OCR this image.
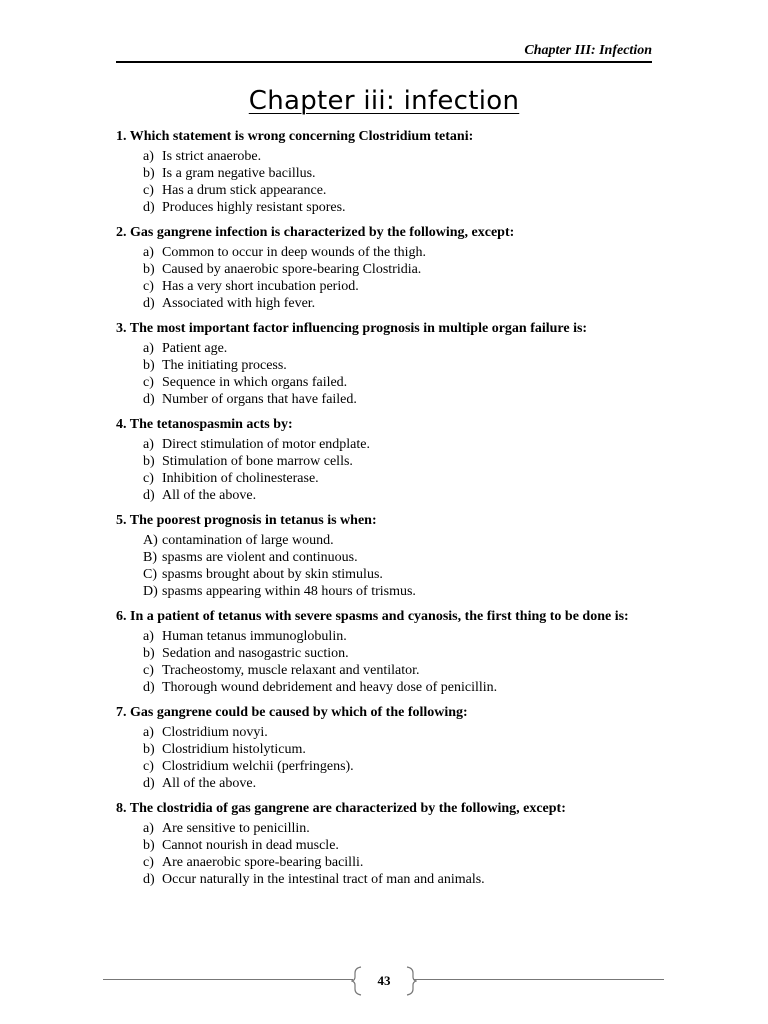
Chapter III: Infection
Chapter iii: infection
1. Which statement is wrong concerning Clostridium tetani:
a) Is strict anaerobe.
b) Is a gram negative bacillus.
c) Has a drum stick appearance.
d) Produces highly resistant spores.
2. Gas gangrene infection is characterized by the following, except:
a) Common to occur in deep wounds of the thigh.
b) Caused by anaerobic spore-bearing Clostridia.
c) Has a very short incubation period.
d) Associated with high fever.
3. The most important factor influencing prognosis in multiple organ failure is:
a) Patient age.
b) The initiating process.
c) Sequence in which organs failed.
d) Number of organs that have failed.
4. The tetanospasmin acts by:
a) Direct stimulation of motor endplate.
b) Stimulation of bone marrow cells.
c) Inhibition of cholinesterase.
d) All of the above.
5. The poorest prognosis in tetanus is when:
A) contamination of large wound.
B) spasms are violent and continuous.
C) spasms brought about by skin stimulus.
D) spasms appearing within 48 hours of trismus.
6. In a patient of tetanus with severe spasms and cyanosis, the first thing to be done is:
a) Human tetanus immunoglobulin.
b) Sedation and nasogastric suction.
c) Tracheostomy, muscle relaxant and ventilator.
d) Thorough wound debridement and heavy dose of penicillin.
7. Gas gangrene could be caused by which of the following:
a) Clostridium novyi.
b) Clostridium histolyticum.
c) Clostridium welchii (perfringens).
d) All of the above.
8. The clostridia of gas gangrene are characterized by the following, except:
a) Are sensitive to penicillin.
b) Cannot nourish in dead muscle.
c) Are anaerobic spore-bearing bacilli.
d) Occur naturally in the intestinal tract of man and animals.
43
